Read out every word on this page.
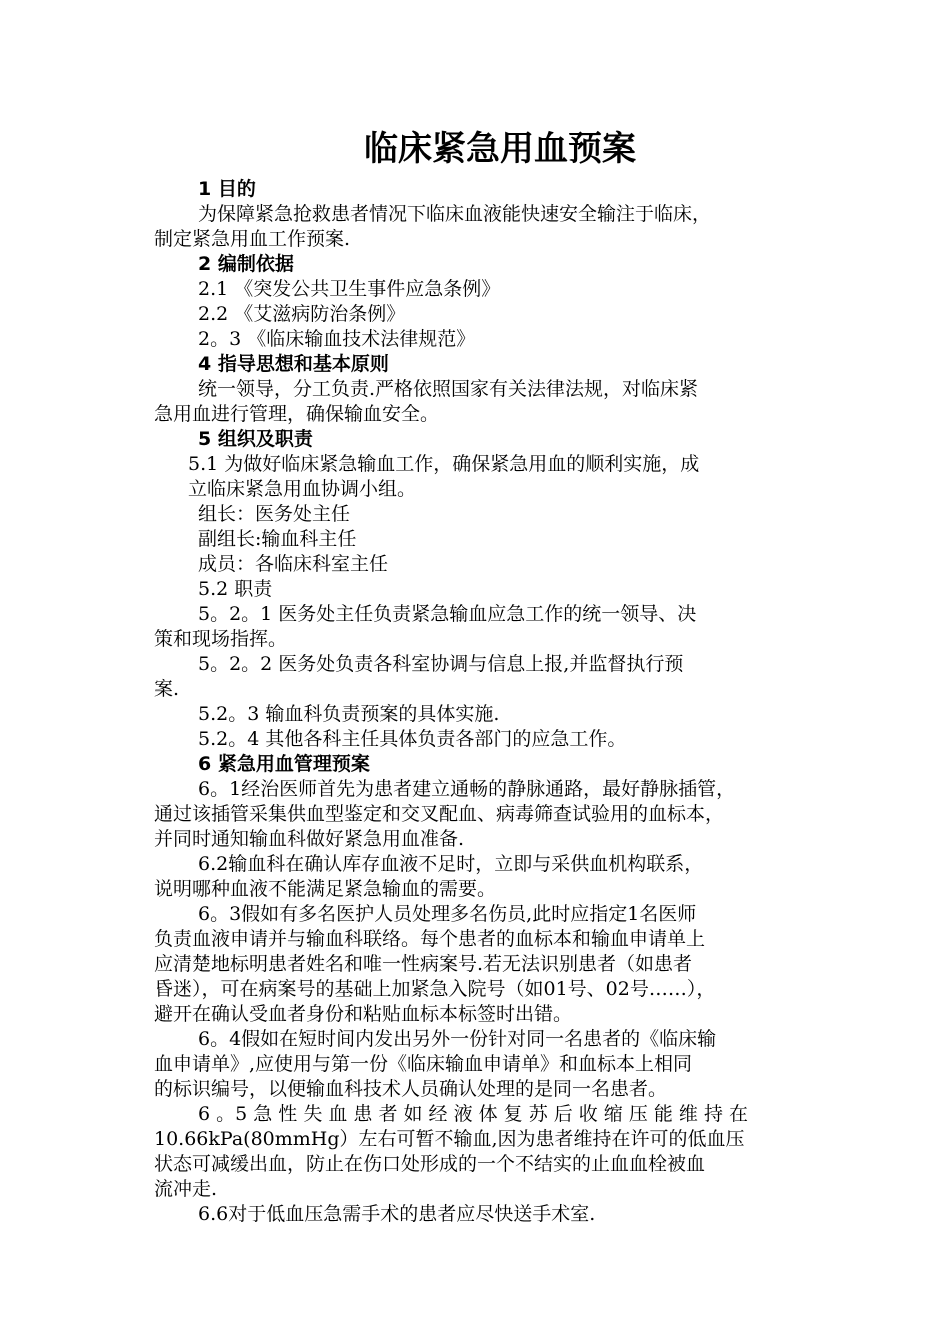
临床紧急用血预案
1 目的
为保障紧急抢救患者情况下临床血液能快速安全输注于临床，
制定紧急用血工作预案.
2 编制依据
2.1 《突发公共卫生事件应急条例》
2.2 《艾滋病防治条例》
2。3 《临床输血技术法律规范》
4 指导思想和基本原则
统一领导，分工负责.严格依照国家有关法律法规，对临床紧
急用血进行管理，确保输血安全。
5 组织及职责
5.1 为做好临床紧急输血工作，确保紧急用血的顺利实施，成
立临床紧急用血协调小组。
组长：医务处主任
副组长:输血科主任
成员：各临床科室主任
5.2 职责
5。2。1 医务处主任负责紧急输血应急工作的统一领导、决
策和现场指挥。
5。2。2 医务处负责各科室协调与信息上报,并监督执行预
案.
5.2。3 输血科负责预案的具体实施.
5.2。4 其他各科主任具体负责各部门的应急工作。
6 紧急用血管理预案
6。1经治医师首先为患者建立通畅的静脉通路，最好静脉插管，
通过该插管采集供血型鉴定和交叉配血、病毒筛查试验用的血标本，
并同时通知输血科做好紧急用血准备.
6.2输血科在确认库存血液不足时，立即与采供血机构联系，
说明哪种血液不能满足紧急输血的需要。
6。3假如有多名医护人员处理多名伤员,此时应指定1名医师
负责血液申请并与输血科联络。每个患者的血标本和输血申请单上
应清楚地标明患者姓名和唯一性病案号.若无法识别患者（如患者
昏迷），可在病案号的基础上加紧急入院号（如01号、02号……），
避开在确认受血者身份和粘贴血标本标签时出错。
6。4假如在短时间内发出另外一份针对同一名患者的《临床输
血申请单》,应使用与第一份《临床输血申请单》和血标本上相同
的标识编号，以便输血科技术人员确认处理的是同一名患者。
6 。5 急 性 失 血 患 者 如 经 液 体 复 苏 后 收 缩 压 能 维 持 在
10.66kPa(80mmHg）左右可暂不输血,因为患者维持在许可的低血压
状态可减缓出血，防止在伤口处形成的一个不结实的止血血栓被血
流冲走.
6.6对于低血压急需手术的患者应尽快送手术室.
